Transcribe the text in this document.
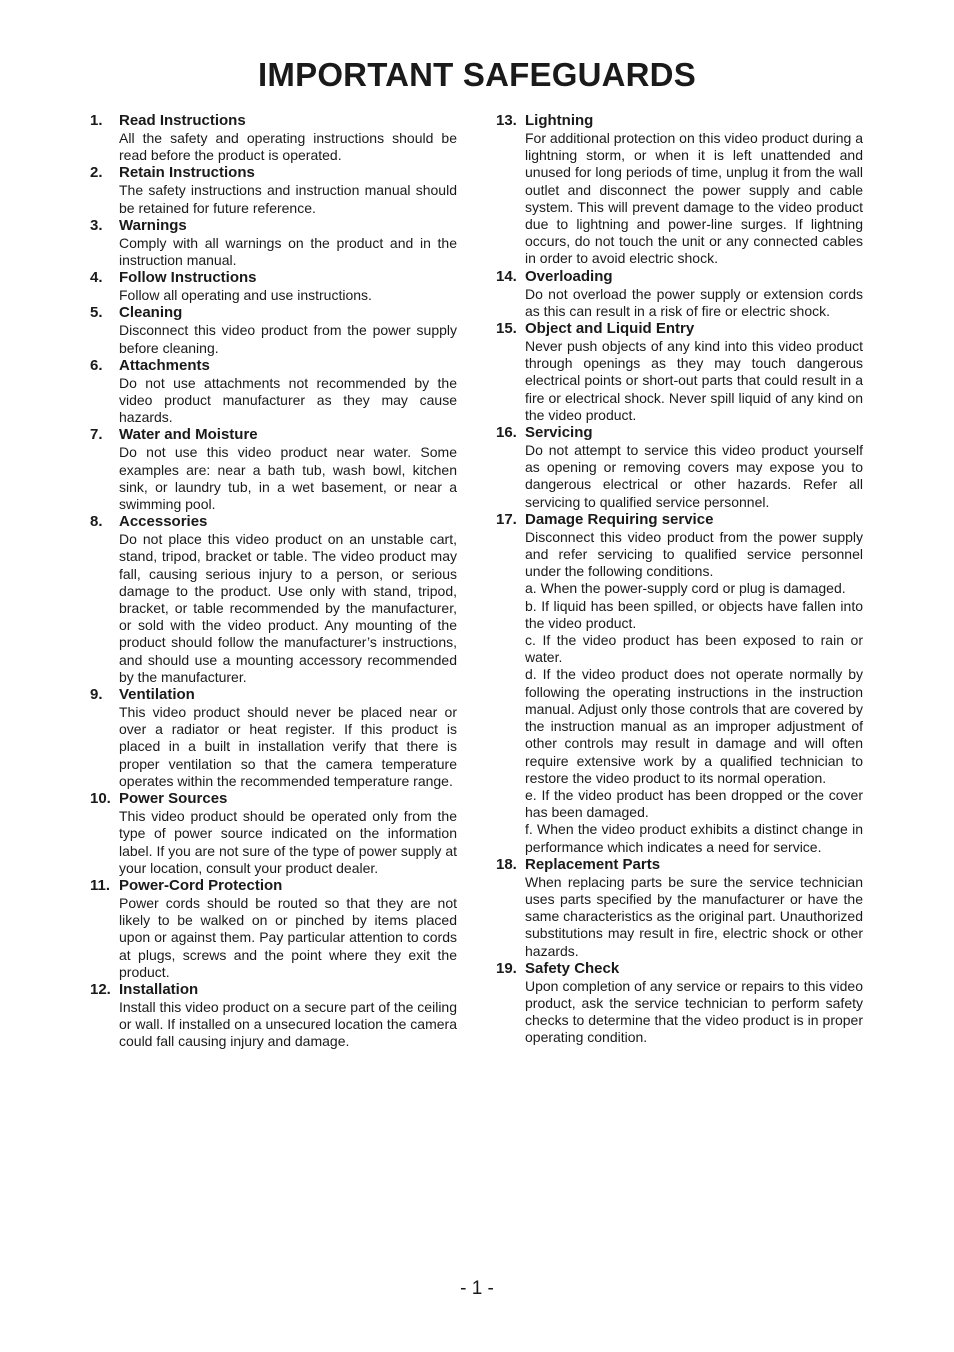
IMPORTANT SAFEGUARDS
1.	Read Instructions

All the safety and operating instructions should be read before the product is operated.

2.	Retain Instructions

The safety instructions and instruction manual should be retained for future reference.

3.	Warnings

Comply with all warnings on the product and in the instruction manual.

4.	Follow Instructions

Follow all operating and use instructions.

5.	Cleaning

Disconnect this video product from the power supply before cleaning.

6.	Attachments

Do not use attachments not recommended by the video product manufacturer as they may cause hazards.

7.	Water and Moisture

Do not use this video product near water. Some examples are: near a bath tub, wash bowl, kitchen sink, or laundry tub, in a wet basement, or near a swimming pool.

8.	Accessories

Do not place this video product on an unstable cart, stand, tripod, bracket or table. The video product may fall, causing serious injury to a person, or serious damage to the product. Use only with stand, tripod, bracket, or table recommended by the manufacturer, or sold with the video product. Any mounting of the product should follow the manufacturer’s instructions, and should use a mounting accessory recommended by the manufacturer.

9.	Ventilation

This video product should never be placed near or over a radiator or heat register. If this product is placed in a built in installation verify that there is proper ventilation so that the camera temperature operates within the recommended temperature range.

10. Power Sources

This video product should be operated only from the type of power source indicated on the information label. If you are not sure of the type of power supply at your location, consult your product dealer.

11. Power-Cord Protection

Power cords should be routed so that they are not likely to be walked on or pinched by items placed upon or against them. Pay particular attention to cords at plugs, screws and the point where they exit the product.

12. Installation

Install this video product on a secure part of the ceiling or wall. If installed on a unsecured location the camera could fall causing injury and damage.

13. Lightning

For additional protection on this video product during a lightning storm, or when it is left unattended and unused for long periods of time, unplug it from the wall outlet and disconnect the power supply and cable system. This will prevent damage to the video product due to lightning and power-line surges. If lightning occurs, do not touch the unit or any connected cables in order to avoid electric shock.

14. Overloading

Do not overload the power supply or extension cords as this can result in a risk of fire or electric shock.

15. Object and Liquid Entry

Never push objects of any kind into this video product through openings as they may touch dangerous electrical points or short-out parts that could result in a fire or electrical shock. Never spill liquid of any kind on the video product.

16. Servicing

Do not attempt to service this video product yourself as opening or removing covers may expose you to dangerous electrical or other hazards. Refer all servicing to qualified service personnel.

17. Damage Requiring service

Disconnect this video product from the power supply and refer servicing to qualified service personnel under the following conditions.

a. When the power-supply cord or plug is damaged.

b. If liquid has been spilled, or objects have fallen into the video product.

c. If the video product has been exposed to rain or water.

d. If the video product does not operate normally by following the operating instructions in the instruction manual. Adjust only those controls that are covered by the instruction manual as an improper adjustment of other controls may result in damage and will often require extensive work by a qualified technician to restore the video product to its normal operation.

e. If the video product has been dropped or the cover has been damaged.

f. When the video product exhibits a distinct change in performance which indicates a need for service.

18. Replacement Parts

When replacing parts be sure the service technician uses parts specified by the manufacturer or have the same characteristics as the original part. Unauthorized substitutions may result in fire, electric shock or other hazards.

19. Safety Check

Upon completion of any service or repairs to this video product, ask the service technician to perform safety checks to determine that the video product is in proper operating condition.

- 1 -
